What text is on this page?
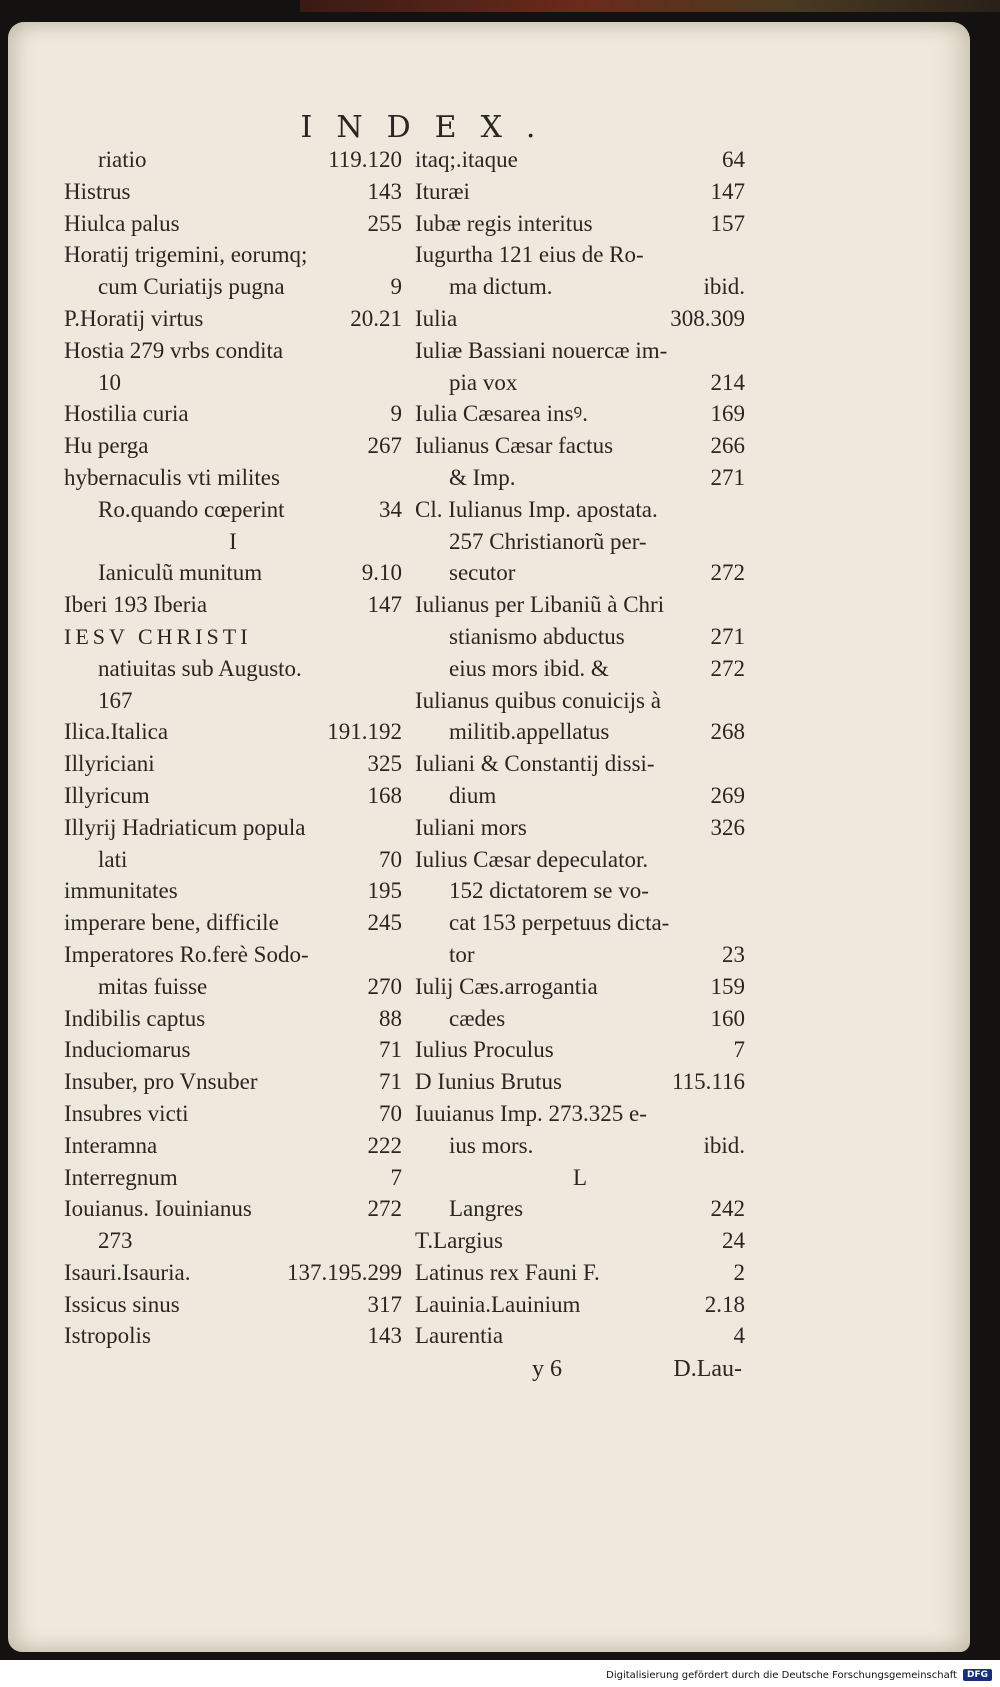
INDEX.
riatio	119.120
Histrus	143
Hiulca palus	255
Horatij trigemini, eorumq;
cum Curiatijs pugna	9
P.Horatij virtus	20.21
Hostia 279 vrbs condita
10
Hostilia curia	9
Hu perga	267
hybernaculis vti milites
Ro.quando cœperint	34
I
Ianiculũ munitum	9.10
Iberi 193 Iberia	147
IESV CHRISTI
natiuitas sub Augusto.
167
Ilica.Italica	191.192
Illyriciani	325
Illyricum	168
Illyrij Hadriaticum popula
lati	70
immunitates	195
imperare bene, difficile	245
Imperatores Ro.ferè Sodo-
mitas fuisse	270
Indibilis captus	88
Induciomarus	71
Insuber, pro Vnsuber	71
Insubres victi	70
Interamna	222
Interregnum	7
Iouianus. Iouinianus	272
273
Isauri.Isauria.	137.195.299
Issicus sinus	317
Istropolis	143
itaq;.itaque	64
Iturӕi	147
Iubӕ regis interitus	157
Iugurtha 121 eius de Ro-
ma dictum.	ibid.
Iulia	308.309
Iuliӕ Bassiani nouercӕ im-
pia vox	214
Iulia Cӕsarea insꝰ.	169
Iulianus Cӕsar factus	266
& Imp.	271
Cl. Iulianus Imp. apostata.
257 Christianorũ per-
secutor	272
Iulianus per Libaniũ à Chri
stianismo abductus	271
eius mors ibid. &	272
Iulianus quibus conuicijs à
militib.appellatus	268
Iuliani & Constantij dissi-
dium	269
Iuliani mors	326
Iulius Cӕsar depeculator.
152 dictatorem se vo-
cat 153 perpetuus dicta-
tor	23
Iulij Cӕs.arrogantia	159
cӕdes	160
Iulius Proculus	7
D Iunius Brutus	115.116
Iuuianus Imp. 273.325 e-
ius mors.	ibid.
L
Langres	242
T.Largius	24
Latinus rex Fauni F.	2
Lauinia.Lauinium	2.18
Laurentia	4
y 6	D.Lau-
Digitalisierung gefördert durch die Deutsche Forschungsgemeinschaft	DFG
